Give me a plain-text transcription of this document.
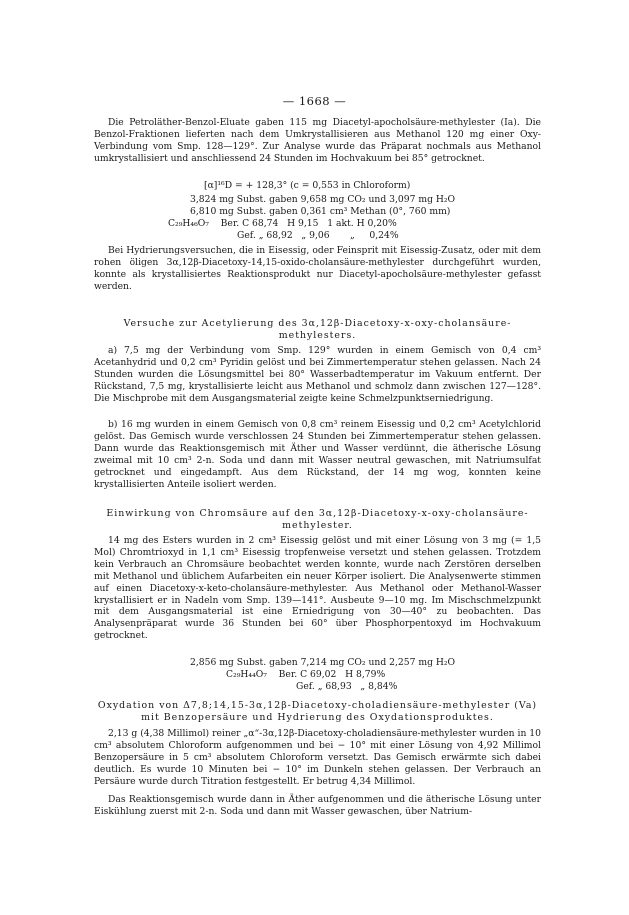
— 1668 —

Die Petroläther-Benzol-Eluate gaben 115 mg Diacetyl-apocholsäure-methylester (Ia). Die Benzol-Fraktionen lieferten nach dem Umkrystallisieren aus Methanol 120 mg einer Oxy-Verbindung vom Smp. 128—129°. Zur Analyse wurde das Präparat nochmals aus Methanol umkrystallisiert und anschliessend 24 Stunden im Hochvakuum bei 85° getrocknet.

[α]¹⁶D = + 128,3° (c = 0,553 in Chloroform)
3,824 mg Subst. gaben 9,658 mg CO₂ und 3,097 mg H₂O
6,810 mg Subst. gaben 0,361 cm³ Methan (0°, 760 mm)
C₂₉H₄₆O₇    Ber. C 68,74   H 9,15   1 akt. H 0,20%
Gef. „ 68,92   „ 9,06       „     0,24%

Bei Hydrierungsversuchen, die in Eisessig, oder Feinsprit mit Eisessig-Zusatz, oder mit dem rohen öligen 3α,12β-Diacetoxy-14,15-oxido-cholansäure-methylester durchgeführt wurden, konnte als krystallisiertes Reaktionsprodukt nur Diacetyl-apocholsäure-methylester gefasst werden.

Versuche zur Acetylierung des 3α,12β-Diacetoxy-x-oxy-cholansäure-methylesters.

a) 7,5 mg der Verbindung vom Smp. 129° wurden in einem Gemisch von 0,4 cm³ Acetanhydrid und 0,2 cm³ Pyridin gelöst und bei Zimmertemperatur stehen gelassen. Nach 24 Stunden wurden die Lösungsmittel bei 80° Wasserbadtemperatur im Vakuum entfernt. Der Rückstand, 7,5 mg, krystallisierte leicht aus Methanol und schmolz dann zwischen 127—128°. Die Mischprobe mit dem Ausgangsmaterial zeigte keine Schmelzpunktserniedrigung.

b) 16 mg wurden in einem Gemisch von 0,8 cm³ reinem Eisessig und 0,2 cm³ Acetylchlorid gelöst. Das Gemisch wurde verschlossen 24 Stunden bei Zimmertemperatur stehen gelassen. Dann wurde das Reaktionsgemisch mit Äther und Wasser verdünnt, die ätherische Lösung zweimal mit 10 cm³ 2-n. Soda und dann mit Wasser neutral gewaschen, mit Natriumsulfat getrocknet und eingedampft. Aus dem Rückstand, der 14 mg wog, konnten keine krystallisierten Anteile isoliert werden.

Einwirkung von Chromsäure auf den 3α,12β-Diacetoxy-x-oxy-cholansäure-methylester.

14 mg des Esters wurden in 2 cm³ Eisessig gelöst und mit einer Lösung von 3 mg (= 1,5 Mol) Chromtrioxyd in 1,1 cm³ Eisessig tropfenweise versetzt und stehen gelassen. Trotzdem kein Verbrauch an Chromsäure beobachtet werden konnte, wurde nach Zerstören derselben mit Methanol und üblichem Aufarbeiten ein neuer Körper isoliert. Die Analysenwerte stimmen auf einen Diacetoxy-x-keto-cholansäure-methylester. Aus Methanol oder Methanol-Wasser krystallisiert er in Nadeln vom Smp. 139—141°. Ausbeute 9—10 mg. Im Mischschmelzpunkt mit dem Ausgangsmaterial ist eine Erniedrigung von 30—40° zu beobachten. Das Analysenpräparat wurde 36 Stunden bei 60° über Phosphorpentoxyd im Hochvakuum getrocknet.

2,856 mg Subst. gaben 7,214 mg CO₂ und 2,257 mg H₂O
C₂₉H₄₄O₇    Ber. C 69,02   H 8,79%
Gef. „ 68,93   „ 8,84%

Oxydation von Δ7,8;14,15-3α,12β-Diacetoxy-choladiensäure-methylester (Va)

mit Benzopersäure und Hydrierung des Oxydationsproduktes.

2,13 g (4,38 Millimol) reiner „α“-3α,12β-Diacetoxy-choladiensäure-methylester wurden in 10 cm³ absolutem Chloroform aufgenommen und bei − 10° mit einer Lösung von 4,92 Millimol Benzopersäure in 5 cm³ absolutem Chloroform versetzt. Das Gemisch erwärmte sich dabei deutlich. Es wurde 10 Minuten bei − 10° im Dunkeln stehen gelassen. Der Verbrauch an Persäure wurde durch Titration festgestellt. Er betrug 4,34 Millimol.

Das Reaktionsgemisch wurde dann in Äther aufgenommen und die ätherische Lösung unter Eiskühlung zuerst mit 2-n. Soda und dann mit Wasser gewaschen, über Natrium-
